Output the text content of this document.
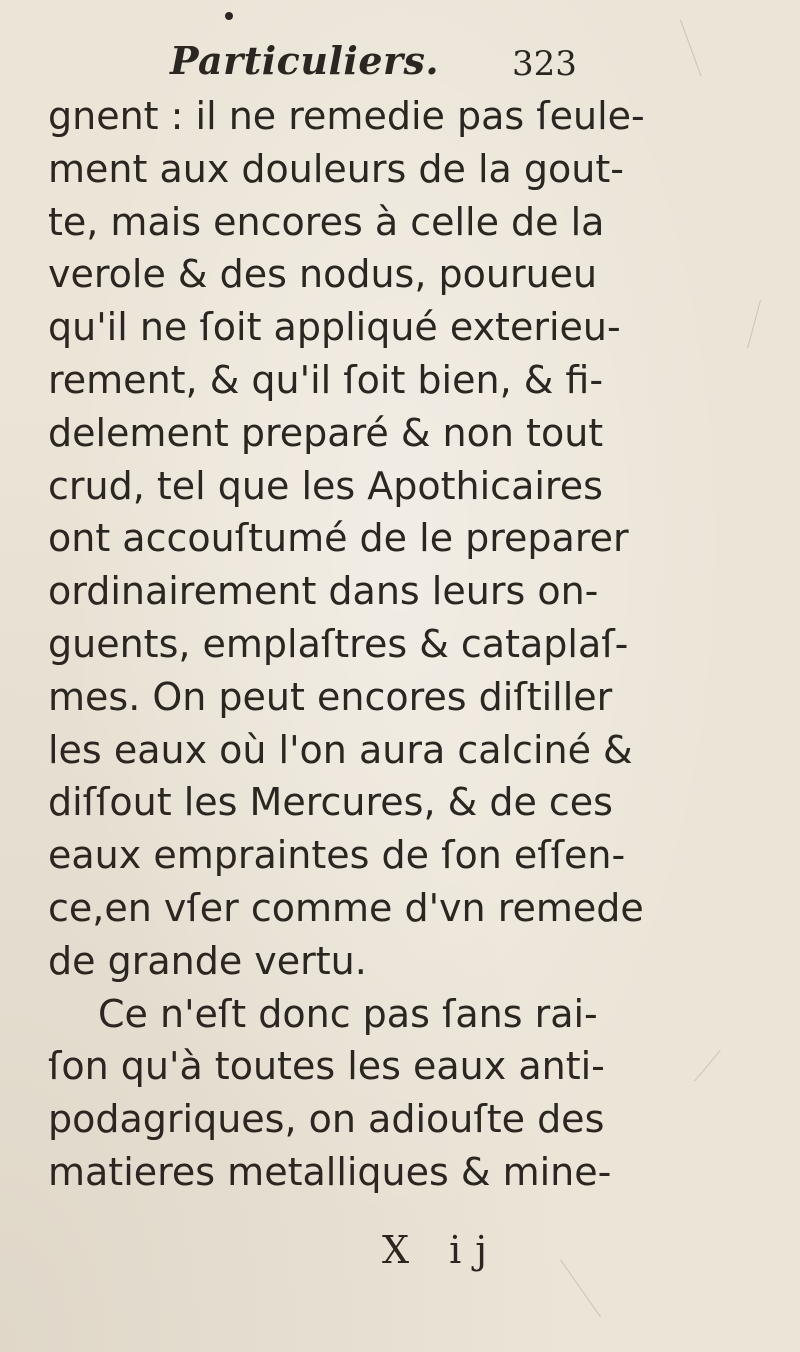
Particuliers. 323
gnent : il ne remedie pas ſeule-
ment aux douleurs de la gout-
te, mais encores à celle de la
verole & des nodus, pourueu
qu'il ne ſoit appliqué exterieu-
rement, & qu'il ſoit bien, & fi-
delement preparé & non tout
crud, tel que les Apothicaires
ont accouſtumé de le preparer
ordinairement dans leurs on-
guents, emplaſtres & cataplaſ-
mes. On peut encores diſtiller
les eaux où l'on aura calciné &
diſſout les Mercures, & de ces
eaux empraintes de ſon eſſen-
ce,en vſer comme d'vn remede
de grande vertu.
Ce n'eſt donc pas ſans rai-
ſon qu'à toutes les eaux anti-
podagriques, on adiouſte des
matieres metalliques & mine-
X ij
